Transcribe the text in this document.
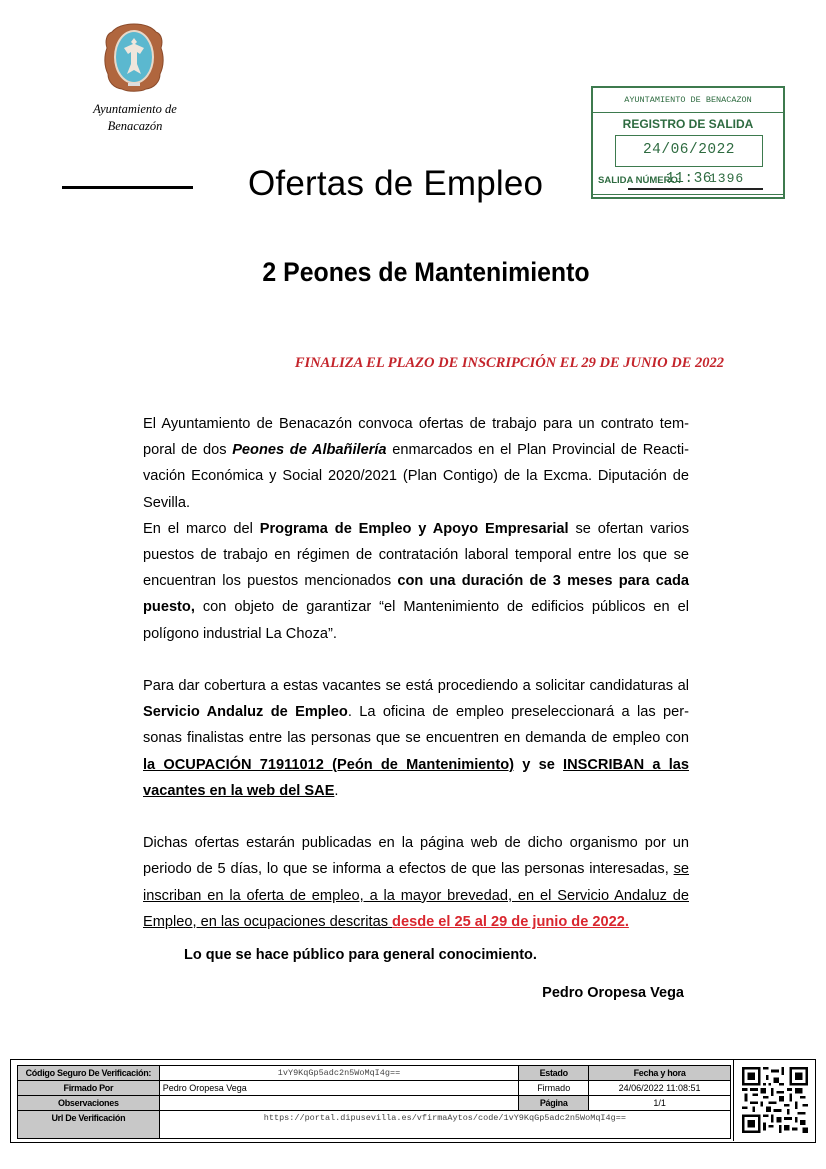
Ayuntamiento de
Benacazón
Ofertas de Empleo
AYUNTAMIENTO DE BENACAZON
REGISTRO DE SALIDA
24/06/2022 11:36
SALIDA NÚMERO: 1396
2 Peones de Mantenimiento
FINALIZA EL PLAZO DE INSCRIPCIÓN EL 29 DE JUNIO DE 2022

El Ayuntamiento de Benacazón convoca ofertas de trabajo para un contrato tem-poral de dos Peones de Albañilería enmarcados en el Plan Provincial de Reacti-vación Económica y Social 2020/2021 (Plan Contigo) de la Excma. Diputación de Sevilla.

En el marco del Programa de Empleo y Apoyo Empresarial se ofertan varios puestos de trabajo en régimen de contratación laboral temporal entre los que se encuentran los puestos mencionados con una duración de 3 meses para cada puesto, con objeto de garantizar “el Mantenimiento de edificios públicos en el polígono industrial La Choza”.

Para dar cobertura a estas vacantes se está procediendo a solicitar candidaturas al Servicio Andaluz de Empleo. La oficina de empleo preseleccionará a las per-sonas finalistas entre las personas que se encuentren en demanda de empleo con la OCUPACIÓN 71911012 (Peón de Mantenimiento) y se INSCRIBAN a las vacantes en la web del SAE.

Dichas ofertas estarán publicadas en la página web de dicho organismo por un periodo de 5 días, lo que se informa a efectos de que las personas interesadas, se inscriban en la oferta de empleo, a la mayor brevedad, en el Servicio Andaluz de Empleo, en las ocupaciones descritas desde el 25 al 29 de junio de 2022.

Lo que se hace público para general conocimiento.
Pedro Oropesa Vega
Código Seguro De Verificación:	1vY9KqGp5adc2n5WoMqI4g==	Estado	Fecha y hora
Firmado Por	Pedro Oropesa Vega	Firmado	24/06/2022 11:08:51
Observaciones		Página	1/1
Url De Verificación	https://portal.dipusevilla.es/vfirmaAytos/code/1vY9KqGp5adc2n5WoMqI4g==		
